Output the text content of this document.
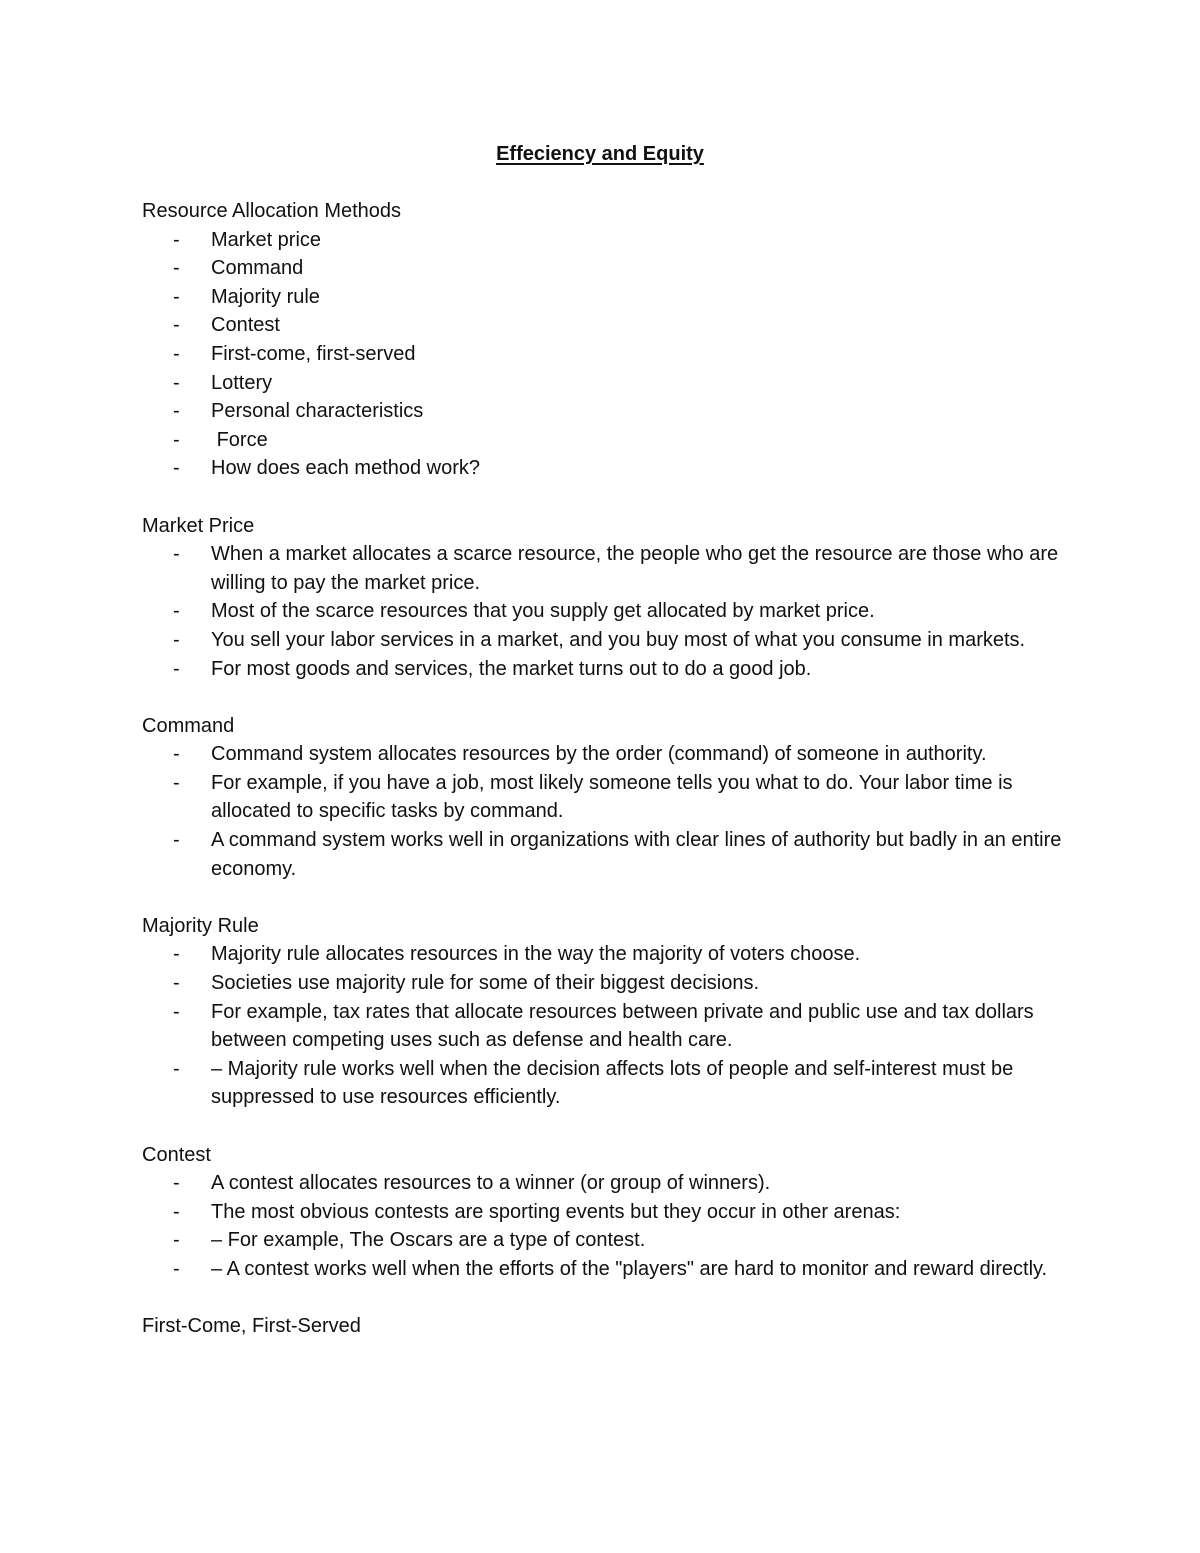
Effeciency and Equity
Resource Allocation Methods
- Market price
- Command
- Majority rule
- Contest
- First-come, first-served
- Lottery
- Personal characteristics
- Force
- How does each method work?
Market Price
- When a market allocates a scarce resource, the people who get the resource are those who are willing to pay the market price.
- Most of the scarce resources that you supply get allocated by market price.
- You sell your labor services in a market, and you buy most of what you consume in markets.
- For most goods and services, the market turns out to do a good job.
Command
- Command system allocates resources by the order (command) of someone in authority.
- For example, if you have a job, most likely someone tells you what to do. Your labor time is allocated to specific tasks by command.
- A command system works well in organizations with clear lines of authority but badly in an entire economy.
Majority Rule
- Majority rule allocates resources in the way the majority of voters choose.
- Societies use majority rule for some of their biggest decisions.
- For example, tax rates that allocate resources between private and public use and tax dollars between competing uses such as defense and health care.
- – Majority rule works well when the decision affects lots of people and self-interest must be suppressed to use resources efficiently.
Contest
- A contest allocates resources to a winner (or group of winners).
- The most obvious contests are sporting events but they occur in other arenas:
- – For example, The Oscars are a type of contest.
- – A contest works well when the efforts of the "players" are hard to monitor and reward directly.
First-Come, First-Served
